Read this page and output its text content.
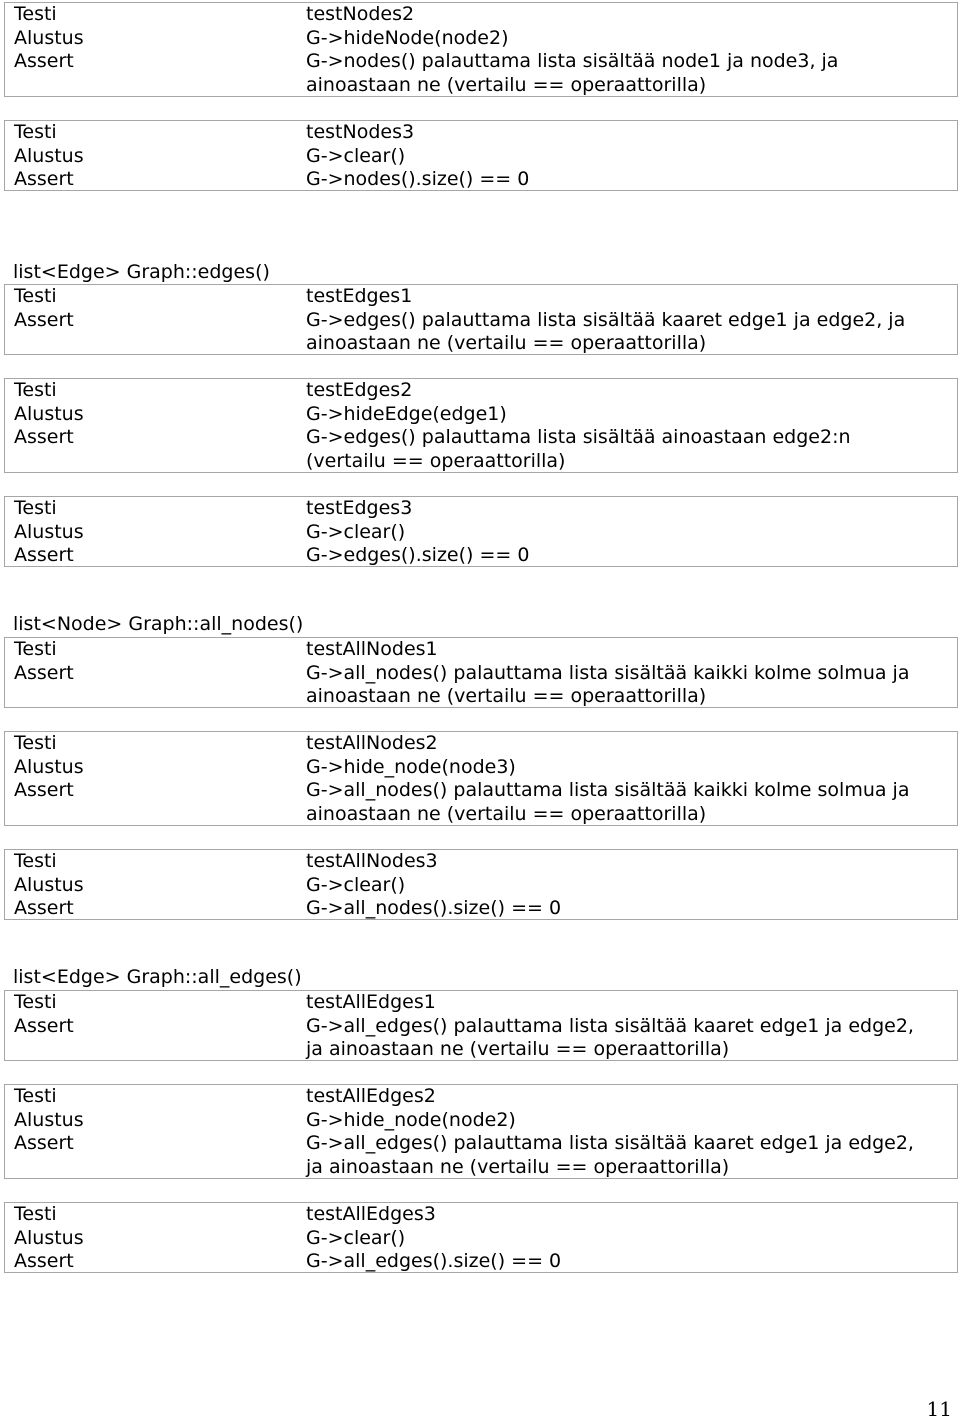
Testi	testNodes2
Alustus	G->hideNode(node2)
Assert	G->nodes() palauttama lista sisältää node1 ja node3, ja
ainoastaan ne (vertailu == operaattorilla)
Testi	testNodes3
Alustus	G->clear()
Assert	G->nodes().size() == 0
list<Edge> Graph::edges()
Testi	testEdges1
Assert	G->edges() palauttama lista sisältää kaaret edge1 ja edge2, ja
ainoastaan ne (vertailu == operaattorilla)
Testi	testEdges2
Alustus	G->hideEdge(edge1)
Assert	G->edges() palauttama lista sisältää ainoastaan edge2:n
(vertailu == operaattorilla)
Testi	testEdges3
Alustus	G->clear()
Assert	G->edges().size() == 0
list<Node> Graph::all_nodes()
Testi	testAllNodes1
Assert	G->all_nodes() palauttama lista sisältää kaikki kolme solmua ja
ainoastaan ne (vertailu == operaattorilla)
Testi	testAllNodes2
Alustus	G->hide_node(node3)
Assert	G->all_nodes() palauttama lista sisältää kaikki kolme solmua ja
ainoastaan ne (vertailu == operaattorilla)
Testi	testAllNodes3
Alustus	G->clear()
Assert	G->all_nodes().size() == 0
list<Edge> Graph::all_edges()
Testi	testAllEdges1
Assert	G->all_edges() palauttama lista sisältää kaaret edge1 ja edge2,
ja ainoastaan ne (vertailu == operaattorilla)
Testi	testAllEdges2
Alustus	G->hide_node(node2)
Assert	G->all_edges() palauttama lista sisältää kaaret edge1 ja edge2,
ja ainoastaan ne (vertailu == operaattorilla)
Testi	testAllEdges3
Alustus	G->clear()
Assert	G->all_edges().size() == 0
11
